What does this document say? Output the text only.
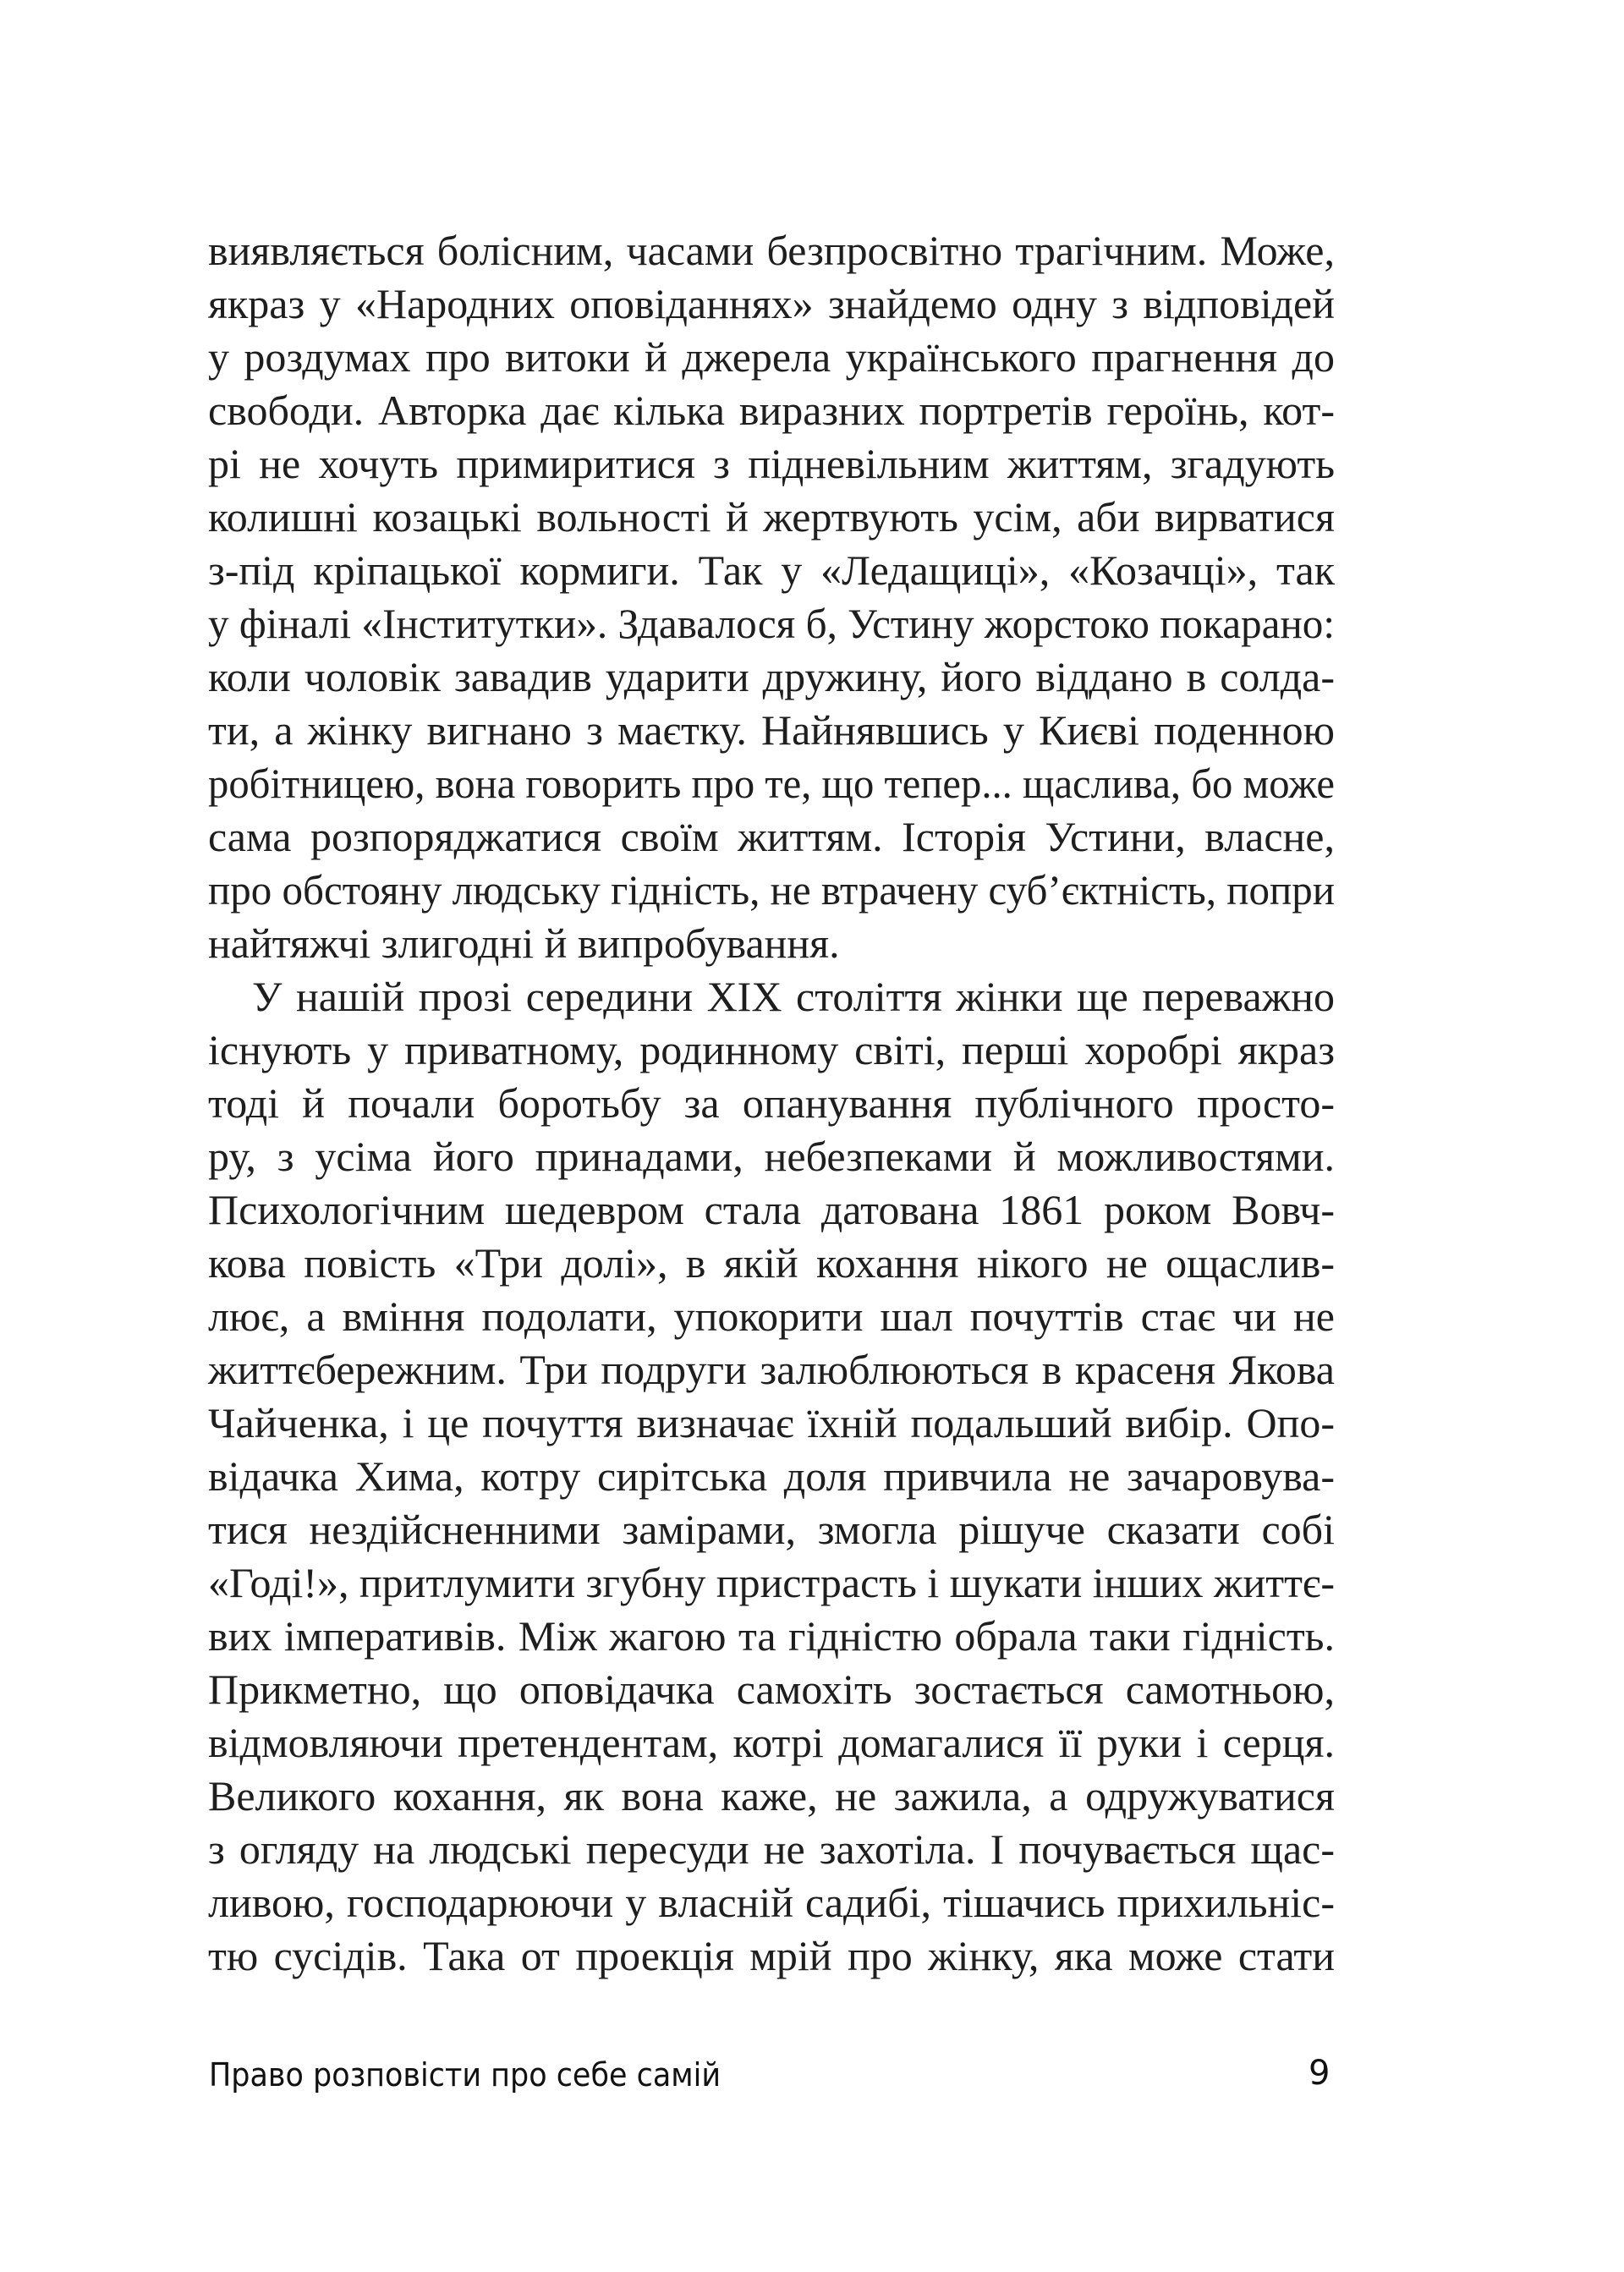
виявляється болісним, часами безпросвітно трагічним. Може,
якраз у «Народних оповіданнях» знайдемо одну з відповідей
у роздумах про витоки й джерела українського прагнення до
свободи. Авторка дає кілька виразних портретів героїнь, кот-
рі не хочуть примиритися з підневільним життям, згадують
колишні козацькі вольності й жертвують усім, аби вирватися
з-під кріпацької кормиги. Так у «Ледащиці», «Козачці», так
у фіналі «Інститутки». Здавалося б, Устину жорстоко покарано:
коли чоловік завадив ударити дружину, його віддано в солда-
ти, а жінку вигнано з маєтку. Найнявшись у Києві поденною
робітницею, вона говорить про те, що тепер... щаслива, бо може
сама розпоряджатися своїм життям. Історія Устини, власне,
про обстояну людську гідність, не втрачену суб’єктність, попри
найтяжчі злигодні й випробування.
У нашій прозі середини XIX століття жінки ще переважно
існують у приватному, родинному світі, перші хоробрі якраз
тоді й почали боротьбу за опанування публічного просто-
ру, з усіма його принадами, небезпеками й можливостями.
Психологічним шедевром стала датована 1861 роком Вовч-
кова повість «Три долі», в якій кохання нікого не ощаслив-
лює, а вміння подолати, упокорити шал почуттів стає чи не
життєбережним. Три подруги залюблюються в красеня Якова
Чайченка, і це почуття визначає їхній подальший вибір. Опо-
відачка Хима, котру сирітська доля привчила не зачаровува-
тися нездійсненними замірами, змогла рішуче сказати собі
«Годі!», притлумити згубну пристрасть і шукати інших життє-
вих імперативів. Між жагою та гідністю обрала таки гідність.
Прикметно, що оповідачка самохіть зостається самотньою,
відмовляючи претендентам, котрі домагалися її руки і серця.
Великого кохання, як вона каже, не зажила, а одружуватися
з огляду на людські пересуди не захотіла. І почувається щас-
ливою, господарюючи у власній садибі, тішачись прихильніс-
тю сусідів. Така от проекція мрій про жінку, яка може стати
Право розповісти про себе самій	9
